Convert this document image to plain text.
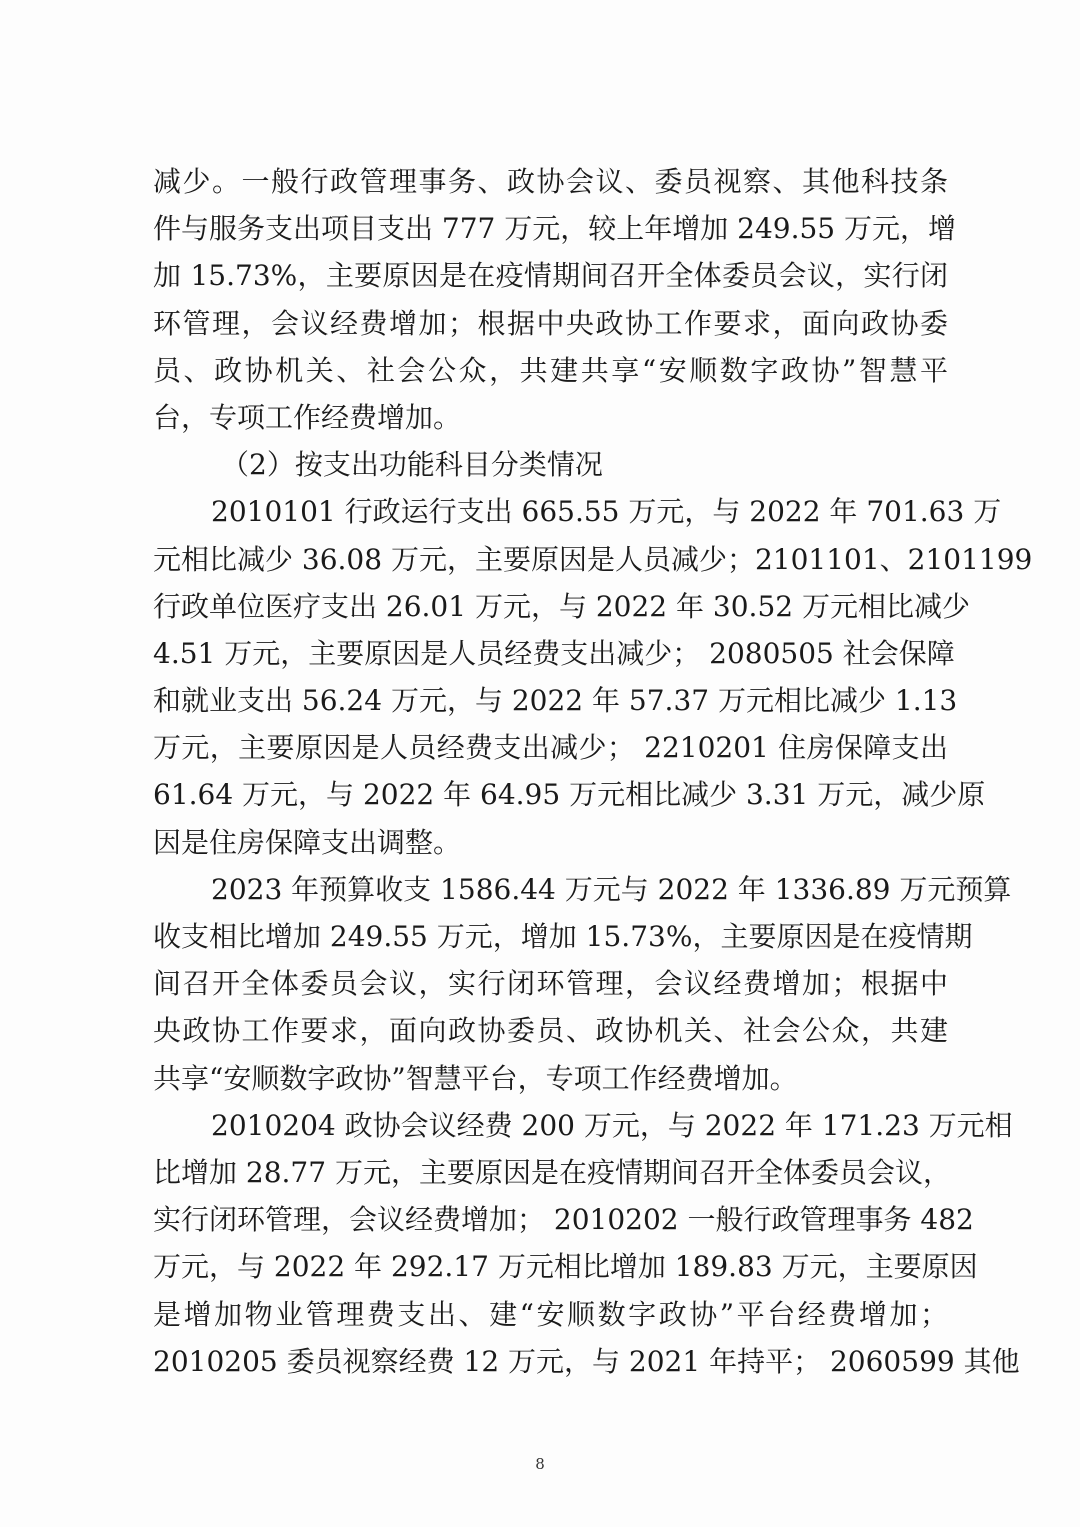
减少。一般行政管理事务、政协会议、委员视察、其他科技条
件与服务支出项目支出 777 万元，较上年增加 249.55 万元，增
加 15.73%，主要原因是在疫情期间召开全体委员会议，实行闭
环管理，会议经费增加；根据中央政协工作要求，面向政协委
员、政协机关、社会公众，共建共享“安顺数字政协”智慧平
台，专项工作经费增加。
（2）按支出功能科目分类情况
2010101 行政运行支出 665.55 万元，与 2022 年 701.63 万
元相比减少 36.08 万元，主要原因是人员减少；2101101、2101199
行政单位医疗支出 26.01 万元，与 2022 年 30.52 万元相比减少
4.51 万元，主要原因是人员经费支出减少； 2080505 社会保障
和就业支出 56.24 万元，与 2022 年 57.37 万元相比减少 1.13
万元，主要原因是人员经费支出减少； 2210201 住房保障支出
61.64 万元，与 2022 年 64.95 万元相比减少 3.31 万元，减少原
因是住房保障支出调整。
2023 年预算收支 1586.44 万元与 2022 年 1336.89 万元预算
收支相比增加 249.55 万元，增加 15.73%，主要原因是在疫情期
间召开全体委员会议，实行闭环管理，会议经费增加；根据中
央政协工作要求，面向政协委员、政协机关、社会公众，共建
共享“安顺数字政协”智慧平台，专项工作经费增加。
2010204 政协会议经费 200 万元，与 2022 年 171.23 万元相
比增加 28.77 万元，主要原因是在疫情期间召开全体委员会议，
实行闭环管理，会议经费增加； 2010202 一般行政管理事务 482
万元，与 2022 年 292.17 万元相比增加 189.83 万元，主要原因
是增加物业管理费支出、建“安顺数字政协”平台经费增加；
2010205 委员视察经费 12 万元，与 2021 年持平； 2060599 其他
8
